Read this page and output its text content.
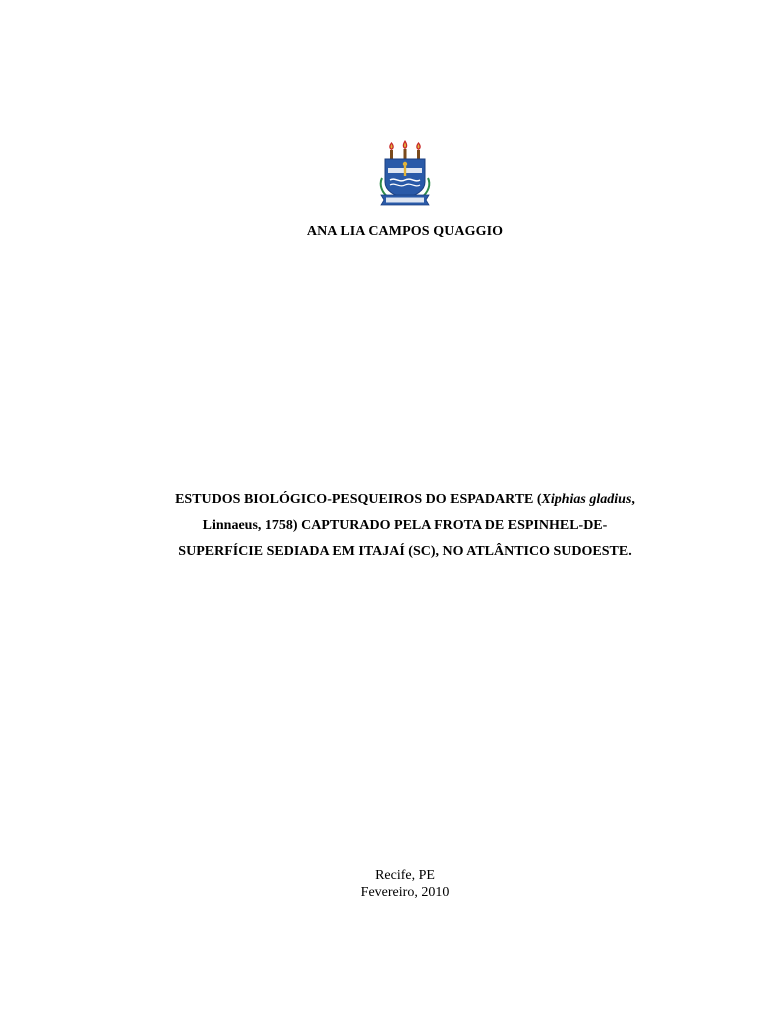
ANA LIA CAMPOS QUAGGIO
ESTUDOS BIOLÓGICO-PESQUEIROS DO ESPADARTE (Xiphias gladius,
Linnaeus, 1758) CAPTURADO PELA FROTA DE ESPINHEL-DE-
SUPERFÍCIE SEDIADA EM ITAJAÍ (SC), NO ATLÂNTICO SUDOESTE.
Recife, PE
Fevereiro, 2010
